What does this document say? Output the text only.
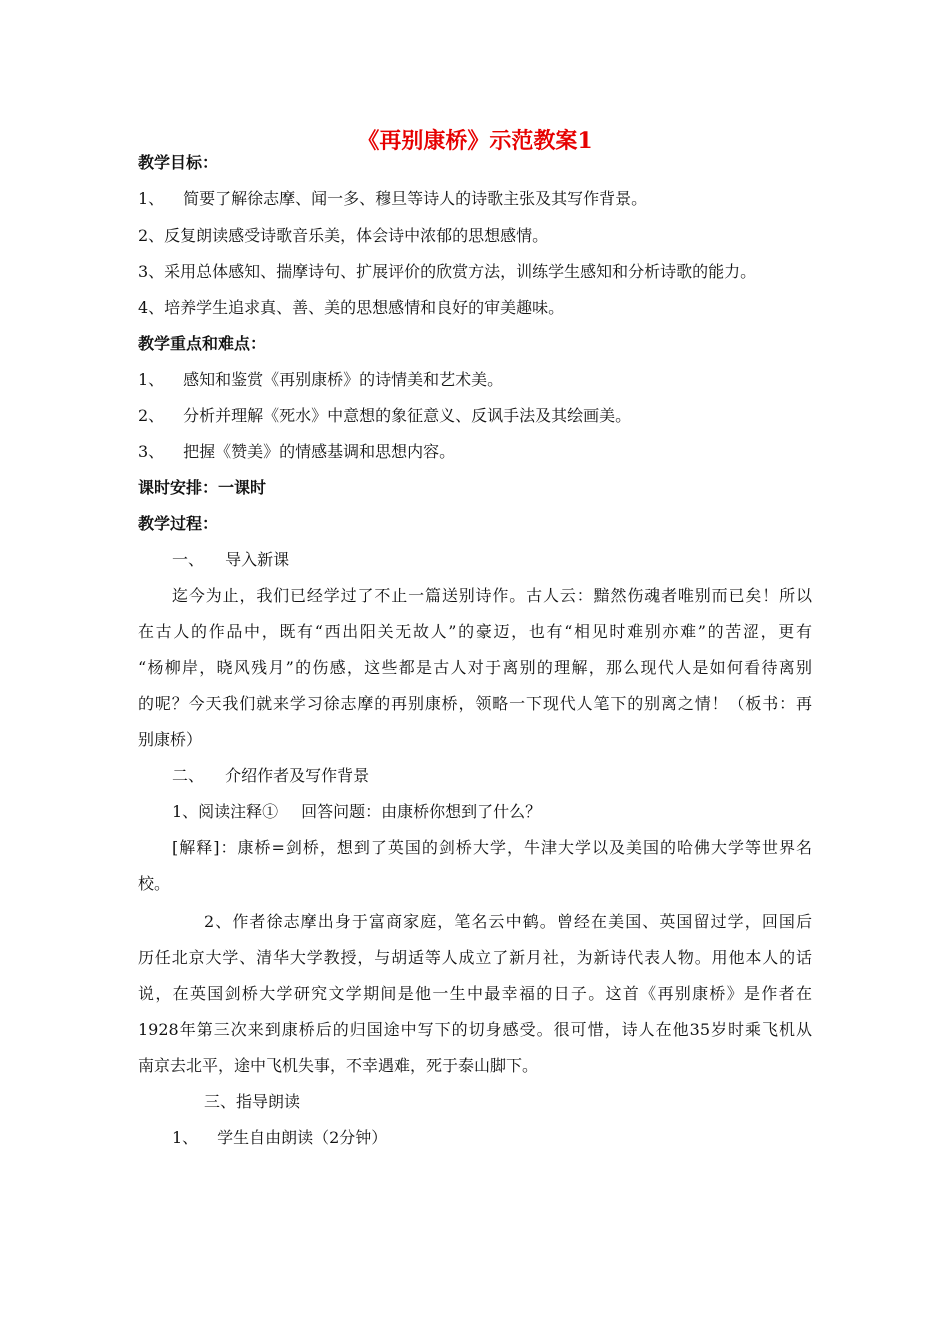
《再别康桥》示范教案1
教学目标：
1、 简要了解徐志摩、闻一多、穆旦等诗人的诗歌主张及其写作背景。
2、反复朗读感受诗歌音乐美，体会诗中浓郁的思想感情。
3、采用总体感知、揣摩诗句、扩展评价的欣赏方法，训练学生感知和分析诗歌的能力。
4、培养学生追求真、善、美的思想感情和良好的审美趣味。
教学重点和难点：
1、 感知和鉴赏《再别康桥》的诗情美和艺术美。
2、 分析并理解《死水》中意想的象征意义、反讽手法及其绘画美。
3、 把握《赞美》的情感基调和思想内容。
课时安排：一课时
教学过程：
一、 导入新课
迄今为止，我们已经学过了不止一篇送别诗作。古人云：黯然伤魂者唯别而已矣！所以
在古人的作品中，既有“西出阳关无故人”的豪迈，也有“相见时难别亦难”的苦涩，更有
“杨柳岸，晓风残月”的伤感，这些都是古人对于离别的理解，那么现代人是如何看待离别
的呢？今天我们就来学习徐志摩的再别康桥，领略一下现代人笔下的别离之情！（板书：再
别康桥）
二、 介绍作者及写作背景
1、阅读注释① 回答问题：由康桥你想到了什么？
[解释]：康桥=剑桥，想到了英国的剑桥大学，牛津大学以及美国的哈佛大学等世界名
校。
2、作者徐志摩出身于富商家庭，笔名云中鹤。曾经在美国、英国留过学，回国后
历任北京大学、清华大学教授，与胡适等人成立了新月社，为新诗代表人物。用他本人的话
说，在英国剑桥大学研究文学期间是他一生中最幸福的日子。这首《再别康桥》是作者在
1928年第三次来到康桥后的归国途中写下的切身感受。很可惜，诗人在他35岁时乘飞机从
南京去北平，途中飞机失事，不幸遇难，死于泰山脚下。
三、指导朗读
1、 学生自由朗读（2分钟）
